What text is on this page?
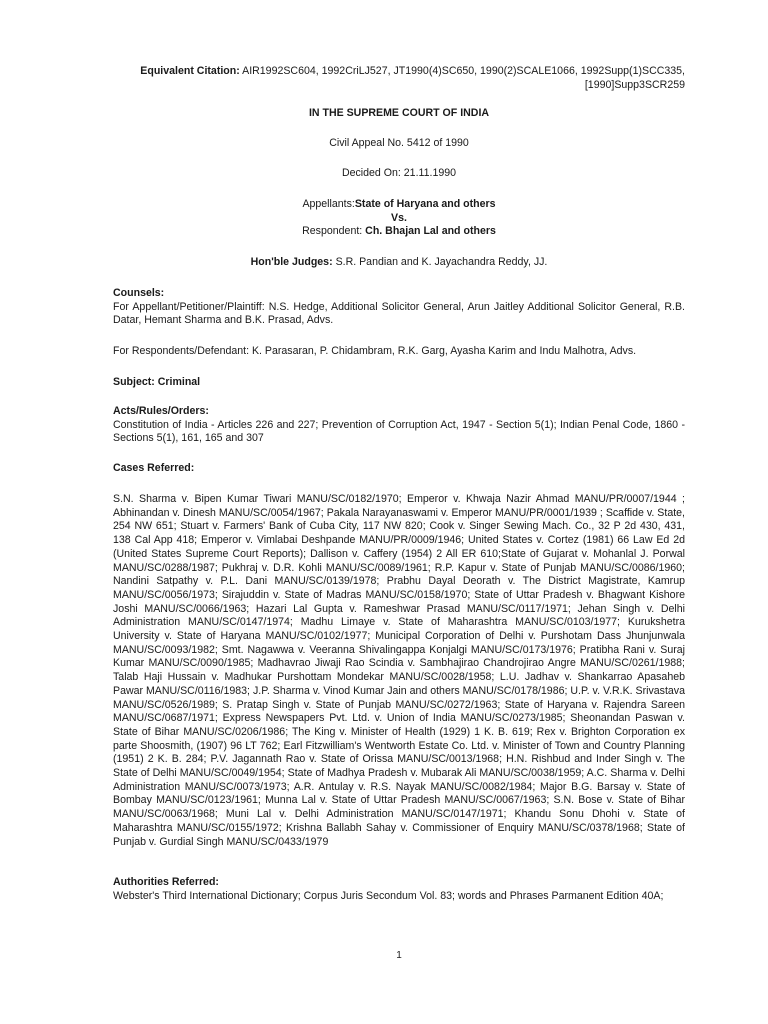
Equivalent Citation: AIR1992SC604, 1992CriLJ527, JT1990(4)SC650, 1990(2)SCALE1066, 1992Supp(1)SCC335, [1990]Supp3SCR259
IN THE SUPREME COURT OF INDIA
Civil Appeal No. 5412 of 1990
Decided On: 21.11.1990
Appellants:State of Haryana and others
Vs.
Respondent: Ch. Bhajan Lal and others
Hon'ble Judges: S.R. Pandian and K. Jayachandra Reddy, JJ.
Counsels:

For Appellant/Petitioner/Plaintiff: N.S. Hedge, Additional Solicitor General, Arun Jaitley Additional Solicitor General, R.B. Datar, Hemant Sharma and B.K. Prasad, Advs.

For Respondents/Defendant: K. Parasaran, P. Chidambram, R.K. Garg, Ayasha Karim and Indu Malhotra, Advs.
Subject: Criminal
Acts/Rules/Orders:

Constitution of India - Articles 226 and 227; Prevention of Corruption Act, 1947 - Section 5(1); Indian Penal Code, 1860 - Sections 5(1), 161, 165 and 307

Cases Referred:
S.N. Sharma v. Bipen Kumar Tiwari MANU/SC/0182/1970; Emperor v. Khwaja Nazir Ahmad MANU/PR/0007/1944 ; Abhinandan v. Dinesh MANU/SC/0054/1967; Pakala Narayanaswami v. Emperor MANU/PR/0001/1939 ; Scaffide v. State, 254 NW 651; Stuart v. Farmers' Bank of Cuba City, 117 NW 820; Cook v. Singer Sewing Mach. Co., 32 P 2d 430, 431, 138 Cal App 418; Emperor v. Vimlabai Deshpande MANU/PR/0009/1946; United States v. Cortez (1981) 66 Law Ed 2d (United States Supreme Court Reports); Dallison v. Caffery (1954) 2 All ER 610;State of Gujarat v. Mohanlal J. Porwal MANU/SC/0288/1987; Pukhraj v. D.R. Kohli MANU/SC/0089/1961; R.P. Kapur v. State of Punjab MANU/SC/0086/1960; Nandini Satpathy v. P.L. Dani MANU/SC/0139/1978; Prabhu Dayal Deorath v. The District Magistrate, Kamrup MANU/SC/0056/1973; Sirajuddin v. State of Madras MANU/SC/0158/1970; State of Uttar Pradesh v. Bhagwant Kishore Joshi MANU/SC/0066/1963; Hazari Lal Gupta v. Rameshwar Prasad MANU/SC/0117/1971; Jehan Singh v. Delhi Administration MANU/SC/0147/1974; Madhu Limaye v. State of Maharashtra MANU/SC/0103/1977; Kurukshetra University v. State of Haryana MANU/SC/0102/1977; Municipal Corporation of Delhi v. Purshotam Dass Jhunjunwala MANU/SC/0093/1982; Smt. Nagawwa v. Veeranna Shivalingappa Konjalgi MANU/SC/0173/1976; Pratibha Rani v. Suraj Kumar MANU/SC/0090/1985; Madhavrao Jiwaji Rao Scindia v. Sambhajirao Chandrojirao Angre MANU/SC/0261/1988; Talab Haji Hussain v. Madhukar Purshottam Mondekar MANU/SC/0028/1958; L.U. Jadhav v. Shankarrao Apasaheb Pawar MANU/SC/0116/1983; J.P. Sharma v. Vinod Kumar Jain and others MANU/SC/0178/1986; U.P. v. V.R.K. Srivastava MANU/SC/0526/1989; S. Pratap Singh v. State of Punjab MANU/SC/0272/1963; State of Haryana v. Rajendra Sareen MANU/SC/0687/1971; Express Newspapers Pvt. Ltd. v. Union of India MANU/SC/0273/1985; Sheonandan Paswan v. State of Bihar MANU/SC/0206/1986; The King v. Minister of Health (1929) 1 K. B. 619; Rex v. Brighton Corporation ex parte Shoosmith, (1907) 96 LT 762; Earl Fitzwilliam's Wentworth Estate Co. Ltd. v. Minister of Town and Country Planning (1951) 2 K. B. 284; P.V. Jagannath Rao v. State of Orissa MANU/SC/0013/1968; H.N. Rishbud and Inder Singh v. The State of Delhi MANU/SC/0049/1954; State of Madhya Pradesh v. Mubarak Ali MANU/SC/0038/1959; A.C. Sharma v. Delhi Administration MANU/SC/0073/1973; A.R. Antulay v. R.S. Nayak MANU/SC/0082/1984; Major B.G. Barsay v. State of Bombay MANU/SC/0123/1961; Munna Lal v. State of Uttar Pradesh MANU/SC/0067/1963; S.N. Bose v. State of Bihar MANU/SC/0063/1968; Muni Lal v. Delhi Administration MANU/SC/0147/1971; Khandu Sonu Dhohi v. State of Maharashtra MANU/SC/0155/1972; Krishna Ballabh Sahay v. Commissioner of Enquiry MANU/SC/0378/1968; State of Punjab v. Gurdial Singh MANU/SC/0433/1979
Authorities Referred:

Webster's Third International Dictionary; Corpus Juris Secondum Vol. 83; words and Phrases Parmanent Edition 40A;

1
